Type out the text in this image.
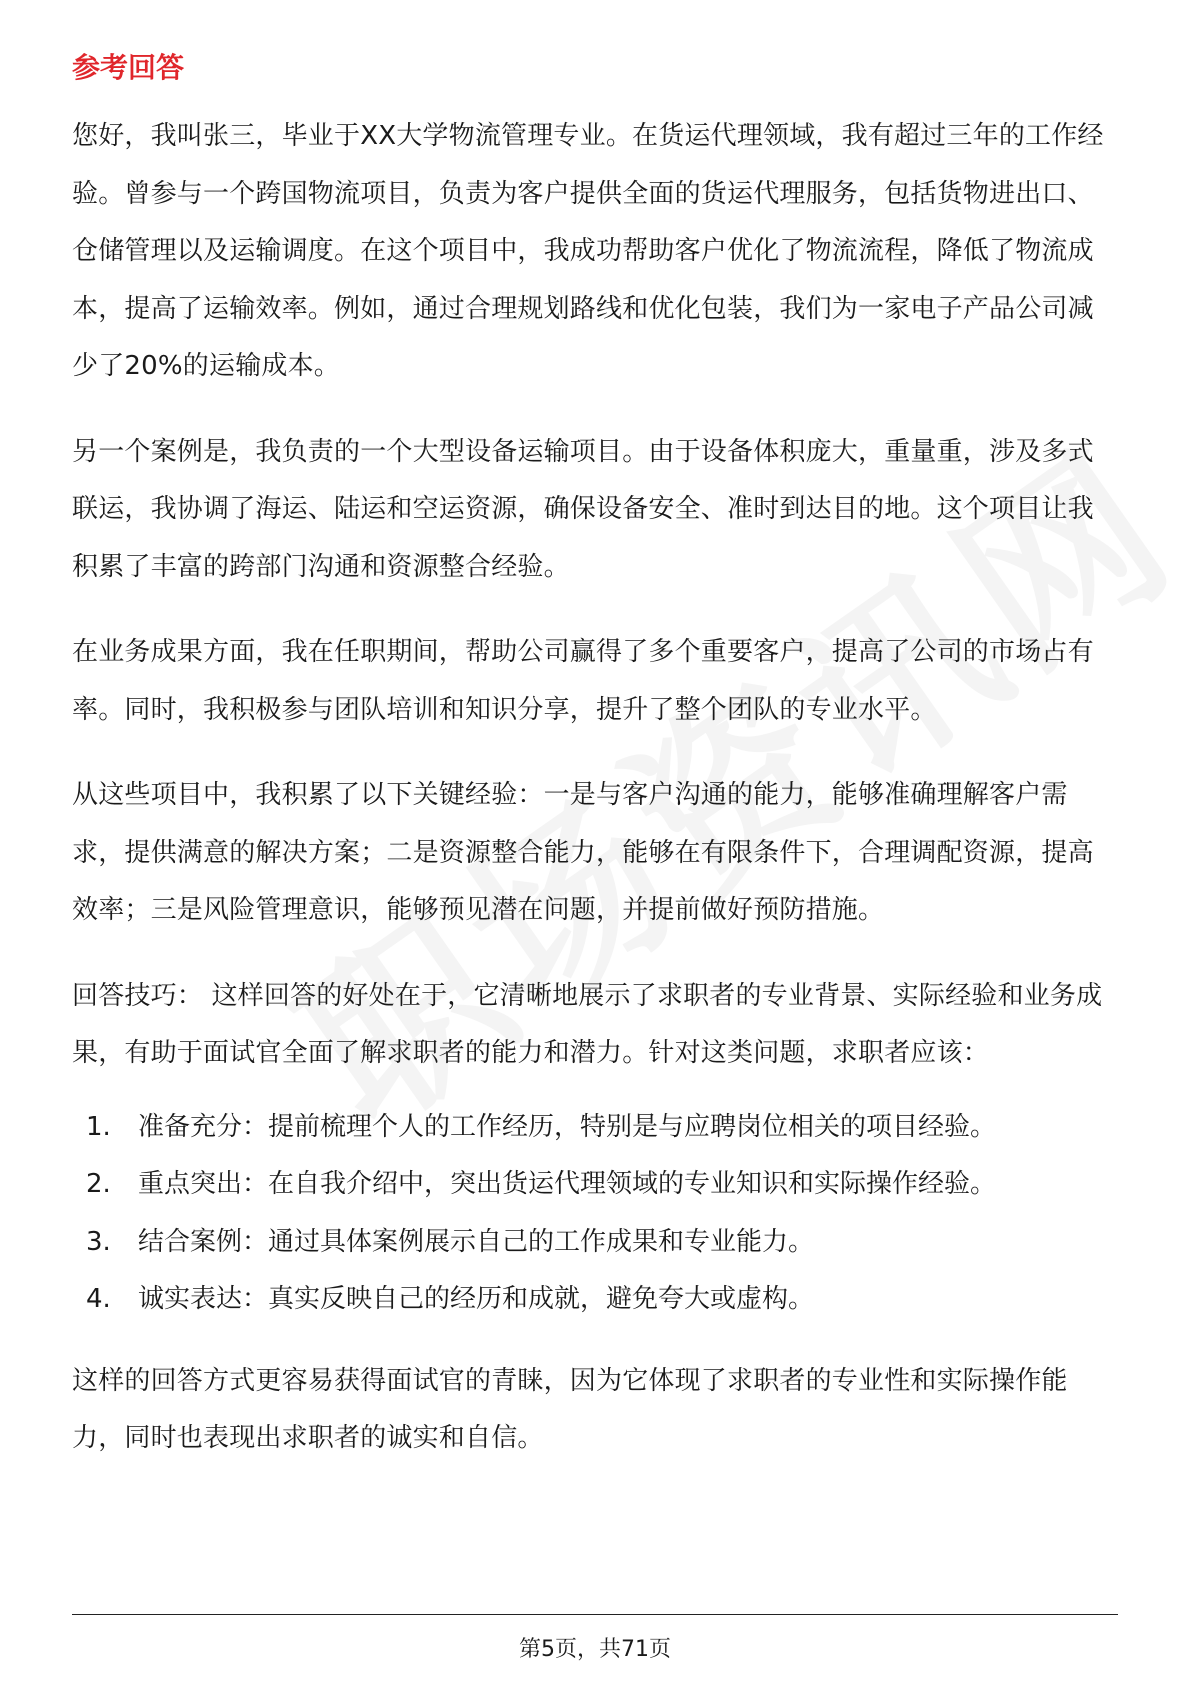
参考回答

您好，我叫张三，毕业于XX大学物流管理专业。在货运代理领域，我有超过三年的工作经验。曾参与一个跨国物流项目，负责为客户提供全面的货运代理服务，包括货物进出口、仓储管理以及运输调度。在这个项目中，我成功帮助客户优化了物流流程，降低了物流成本，提高了运输效率。例如，通过合理规划路线和优化包装，我们为一家电子产品公司减少了20%的运输成本。

另一个案例是，我负责的一个大型设备运输项目。由于设备体积庞大，重量重，涉及多式联运，我协调了海运、陆运和空运资源，确保设备安全、准时到达目的地。这个项目让我积累了丰富的跨部门沟通和资源整合经验。

在业务成果方面，我在任职期间，帮助公司赢得了多个重要客户，提高了公司的市场占有率。同时，我积极参与团队培训和知识分享，提升了整个团队的专业水平。

从这些项目中，我积累了以下关键经验：一是与客户沟通的能力，能够准确理解客户需求，提供满意的解决方案；二是资源整合能力，能够在有限条件下，合理调配资源，提高效率；三是风险管理意识，能够预见潜在问题，并提前做好预防措施。

回答技巧： 这样回答的好处在于，它清晰地展示了求职者的专业背景、实际经验和业务成果，有助于面试官全面了解求职者的能力和潜力。针对这类问题，求职者应该：

1.	准备充分：提前梳理个人的工作经历，特别是与应聘岗位相关的项目经验。
2.	重点突出：在自我介绍中，突出货运代理领域的专业知识和实际操作经验。
3.	结合案例：通过具体案例展示自己的工作成果和专业能力。
4.	诚实表达：真实反映自己的经历和成就，避免夸大或虚构。

这样的回答方式更容易获得面试官的青睐，因为它体现了求职者的专业性和实际操作能力，同时也表现出求职者的诚实和自信。

第5页，共71页
